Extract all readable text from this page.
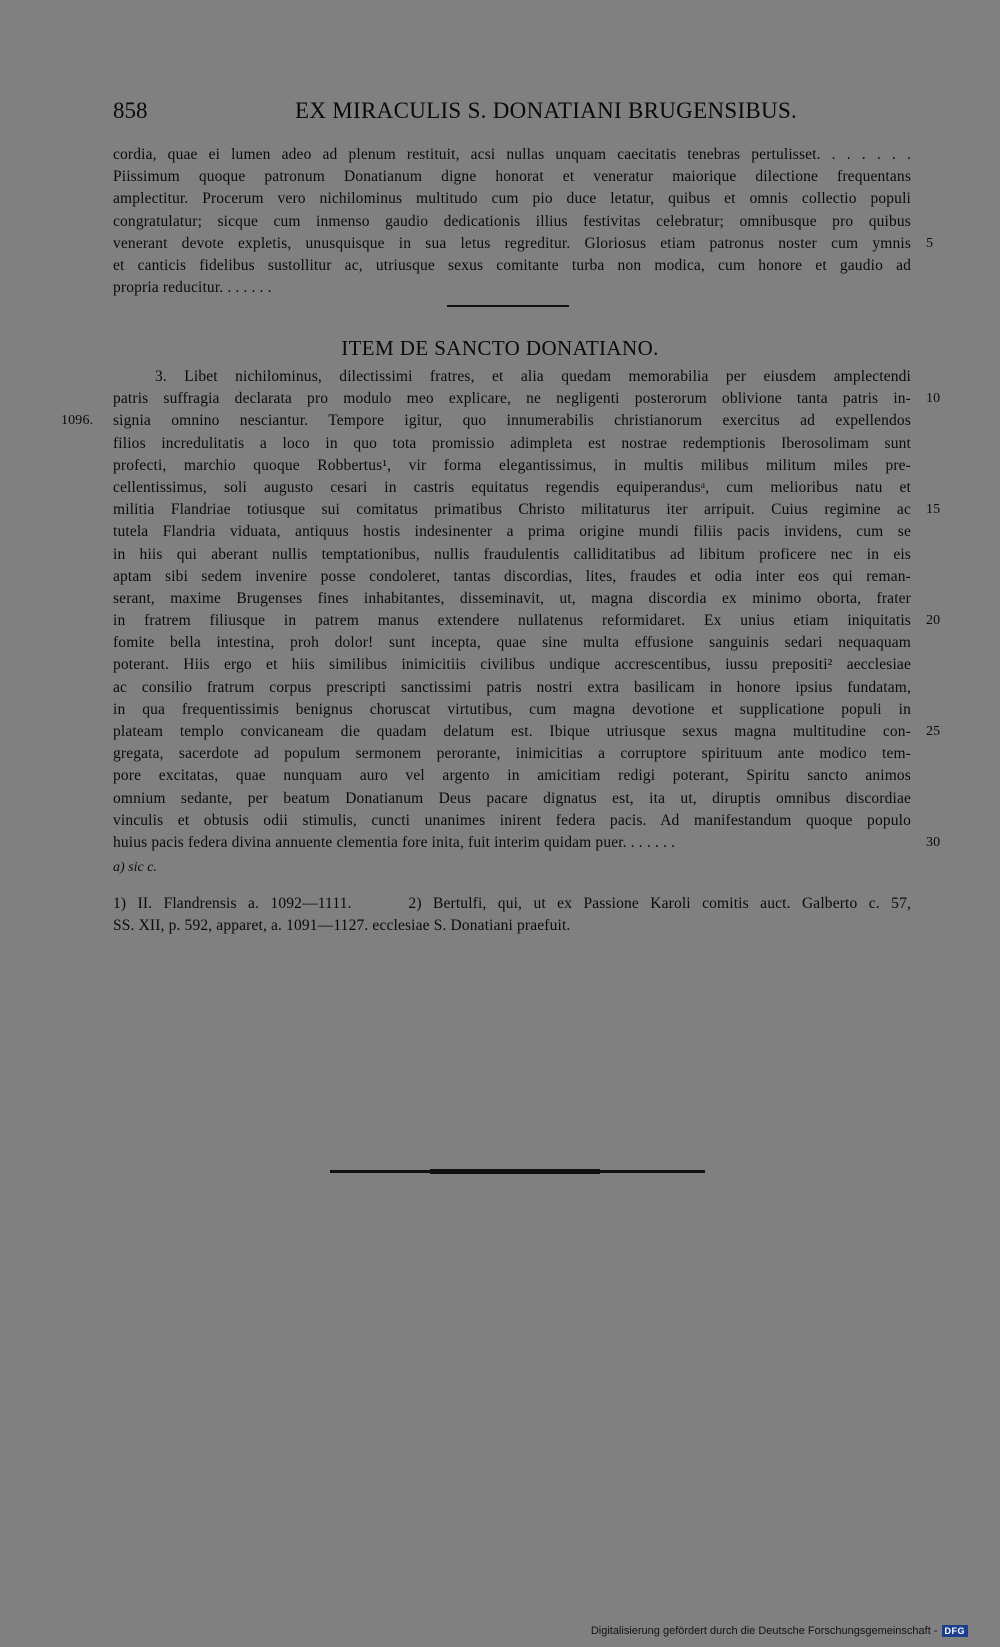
858	EX MIRACULIS S. DONATIANI BRUGENSIBUS.
cordia, quae ei lumen adeo ad plenum restituit, acsi nullas unquam caecitatis tenebras pertulisset. . . . . . .
Piissimum quoque patronum Donatianum digne honorat et veneratur maiorique dilectione frequentans
amplectitur. Procerum vero nichilominus multitudo cum pio duce letatur, quibus et omnis collectio populi
congratulatur; sicque cum inmenso gaudio dedicationis illius festivitas celebratur; omnibusque pro quibus
venerant devote expletis, unusquisque in sua letus regreditur. Gloriosus etiam patronus noster cum ymnis 5
et canticis fidelibus sustollitur ac, utriusque sexus comitante turba non modica, cum honore et gaudio ad
propria reducitur. . . . . . .
ITEM DE SANCTO DONATIANO.
3. Libet nichilominus, dilectissimi fratres, et alia quedam memorabilia per eiusdem amplectendi
patris suffragia declarata pro modulo meo explicare, ne negligenti posterorum oblivione tanta patris in- 10
signia omnino nesciantur. Tempore igitur, quo innumerabilis christianorum exercitus ad expellendos
1096.
filios incredulitatis a loco in quo tota promissio adimpleta est nostrae redemptionis Iberosolimam sunt
profecti, marchio quoque Robbertus¹, vir forma elegantissimus, in multis milibus militum miles pre-
cellentissimus, soli augusto cesari in castris equitatus regendis equiperandusᵃ, cum melioribus natu et
militia Flandriae totiusque sui comitatus primatibus Christo militaturus iter arripuit. Cuius regimine ac 15
tutela Flandria viduata, antiquus hostis indesinenter a prima origine mundi filiis pacis invidens, cum se
in hiis qui aberant nullis temptationibus, nullis fraudulentis calliditatibus ad libitum proficere nec in eis
aptam sibi sedem invenire posse condoleret, tantas discordias, lites, fraudes et odia inter eos qui reman-
serant, maxime Brugenses fines inhabitantes, disseminavit, ut, magna discordia ex minimo oborta, frater
in fratrem filiusque in patrem manus extendere nullatenus reformidaret. Ex unius etiam iniquitatis 20
fomite bella intestina, proh dolor! sunt incepta, quae sine multa effusione sanguinis sedari nequaquam
poterant. Hiis ergo et hiis similibus inimicitiis civilibus undique accrescentibus, iussu prepositi² aecclesiae
ac consilio fratrum corpus prescripti sanctissimi patris nostri extra basilicam in honore ipsius fundatam,
in qua frequentissimis benignus choruscat virtutibus, cum magna devotione et supplicatione populi in
plateam templo convicaneam die quadam delatum est. Ibique utriusque sexus magna multitudine con- 25
gregata, sacerdote ad populum sermonem perorante, inimicitias a corruptore spirituum ante modico tem-
pore excitatas, quae nunquam auro vel argento in amicitiam redigi poterant, Spiritu sancto animos
omnium sedante, per beatum Donatianum Deus pacare dignatus est, ita ut, diruptis omnibus discordiae
vinculis et obtusis odii stimulis, cuncti unanimes inirent federa pacis. Ad manifestandum quoque populo
huius pacis federa divina annuente clementia fore inita, fuit interim quidam puer. . . . . . .	30
a) sic c.
1) II. Flandrensis a. 1092—1111.     2) Bertulfi, qui, ut ex Passione Karoli comitis auct. Galberto c. 57,
SS. XII, p. 592, apparet, a. 1091—1127. ecclesiae S. Donatiani praefuit.
Digitalisierung gefördert durch die Deutsche Forschungsgemeinschaft - DFG
